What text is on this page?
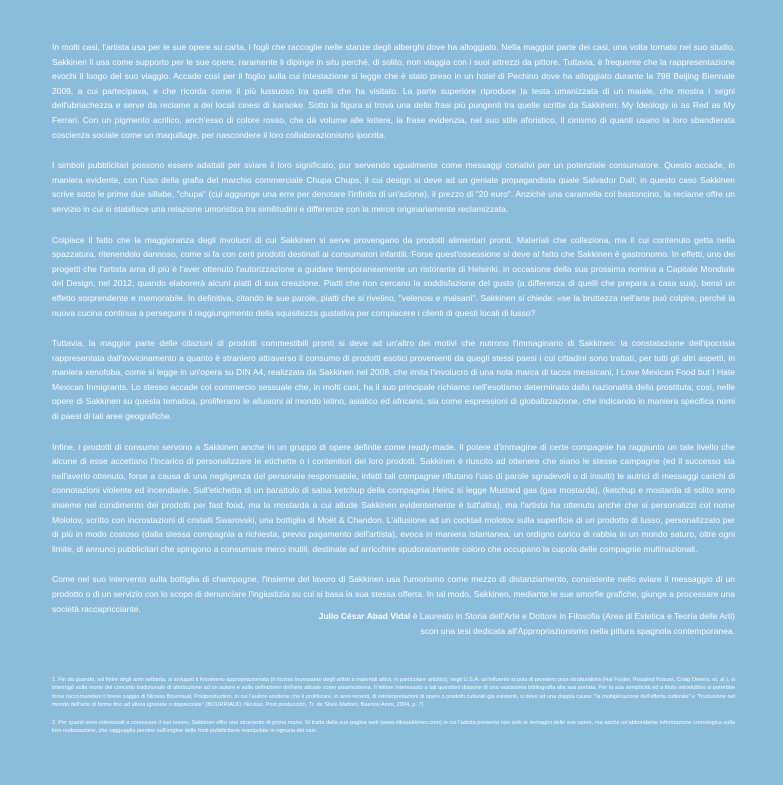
In molti casi, l'artista usa per le sue opere su carta, i fogli che raccoglie nelle stanze degli alberghi dove ha alloggiato. Nella maggior parte dei casi, una volta tornato nel suo studio, Sakkinen li usa come supporto per le sue opere, raramente li dipinge in situ perché, di solito, non viaggia con i suoi attrezzi da pittore. Tuttavia, è frequente che la rappresentazione evochi il luogo del suo viaggio. Accade così per il foglio sulla cui intestazione si legge che è stato preso in un hotel di Pechino dove ha alloggiato durante la 798 Beijing Biennale 2009, a cui partecipava, e che ricorda come il più lussuoso tra quelli che ha visitato. La parte superiore riproduce la testa umanizzata di un maiale, che mostra i segni dell'ubriachezza e serve da reclame a dei locali cinesi di karaoke. Sotto la figura si trova una delle frasi più pungenti tra quelle scritte da Sakkinen: My Ideology is as Red as My Ferrari. Con un pigmento acrilico, anch'esso di colore rosso, che dà volume alle lettere, la frase evidenzia, nel suo stile aforistico, il cinismo di quanti usano la loro sbandierata coscienza sociale come un maquillage, per nascondere il loro collaborazionismo ipocrita.

I simboli pubblicitari possono essere adattati per sviare il loro significato, pur servendo ugualmente come messaggi conativi per un potenziale consumatore. Questo accade, in maniera evidente, con l'uso della grafia del marchio commerciale Chupa Chups, il cui design si deve ad un geniale propagandista quale Salvador Dalí; in questo caso Sakkinen scrive sotto le prime due sillabe, "chupa" (cui aggiunge una erre per denotare l'infinito di un'azione), il prezzo di "20 euro". Anziché una caramella col bastoncino, la reclame offre un servizio in cui si stabilisce una relazione umoristica tra similitudini e differenze con la merce originariamente reclamizzata.

Colpisce il fatto che la maggioranza degli involucri di cui Sakkinen si serve provengano da prodotti alimentari pronti. Materiali che colleziona, ma il cui contenuto getta nella spazzatura, ritenendolo dannoso, come si fa con certi prodotti destinati ai consumatori infantili. Forse quest'ossessione si deve al fatto che Sakkinen è gastronomo. In effetti, uno dei progetti che l'artista ama di più è l'aver ottenuto l'autorizzazione a guidare temporaneamente un ristorante di Helsinki, in occasione della sua prossima nomina a Capitale Mondiale del Design, nel 2012, quando elaborerà alcuni piatti di sua creazione. Piatti che non cercano la soddisfazione del gusto (a differenza di quelli che prepara a casa sua), bensì un effetto sorprendente e memorabile. In definitiva, citando le sue parole, piatti che si rivelino, "velenosi e malsani". Sakkinen si chiede: «se la bruttezza nell'arte può colpire, perché la nuova cucina continua a perseguire il raggiungimento della squisitezza gustativa per compiacere i clienti di questi locali di lusso?

Tuttavia, la maggior parte delle citazioni di prodotti commestibili pronti si deve ad un'altro dei motivi che nutrono l'immaginario di Sakkinen: la constatazione dell'ipocrisia rappresentata dall'avvicinamento a quanto è straniero attraverso il consumo di prodotti esotici provenienti da quegli stessi paesi i cui cittadini sono trattati, per tutti gli altri aspetti, in maniera xenofoba, come si legge in un'opera su DIN A4, realizzata da Sakkinen nel 2008, che imita l'involucro di una nota marca di tacos messicani, I Love Mexican Food but I Hate Mexican Inmigrants. Lo stesso accade col commercio sessuale che, in molti casi, ha il suo principale richiamo nell'esotismo determinato dalla nazionalità della prostituta; così, nelle opere di Sakkinen su questa tematica, proliferano le allusioni al mondo latino, asiatico ed africano, sia come espressioni di globalizzazione, che indicando in maniera specifica nomi di paesi di tali aree geografiche.

Infine, i prodotti di consumo servono a Sakkinen anche in un gruppo di opere definite come ready-made. Il potere d'immagine di certe compagnie ha raggiunto un tale livello che alcune di esse accettano l'incarico di personalizzare le etichette o i contenitori del loro prodotti. Sakkinen è riuscito ad ottenere che siano le stesse campagne (ed il successo sta nell'averlo ottenuto, forse a causa di una negligenza del personale responsabile, infatti tali compagnie rifiutano l'uso di parole sgradevoli o di insulti) le autrici di messaggi carichi di connotazioni violente ed incendiarie. Sull'etichetta di un barattolo di salsa ketchup della compagnia Heinz si legge Mustard gas (gas mostarda), (ketchup e mostarda di solito sono insieme nel condimento dei prodotti per fast food, ma la mostarda a cui allude Sakkinen evidentemente è tutt'altra), ma l'artista ha ottenuto anche che si personalizzi col nome Molotov, scritto con incrostazioni di cristalli Swarovski, una bottiglia di Moët & Chandon. L'allusione ad un cocktail molotov sulla superficie di un prodotto di lusso, personalizzato per di più in modo costoso (dalla stessa compagnia a richiesta, previo pagamento dell'artista), evoca in maniera istantanea, un ordigno carico di rabbia in un mondo saturo, oltre ogni limite, di annunci pubblicitari che spingono a consumare merci inutili, destinate ad arricchire spudoratamente coloro che occupano la cupola delle compagnie multinazionali.

Come nel suo intervento sulla bottiglia di champagne, l'insieme del lavoro di Sakkinen usa l'umorismo come mezzo di distanziamento, consistente nello sviare il messaggio di un prodotto o di un servizio con lo scopo di denunciare l'ingiustizia su cui si basa la sua stessa offerta. In tal modo, Sakkinen, mediante le sue smorfie grafiche, giunge a processare una società raccapricciante.

Julio César Abad Vidal è Laureato in Storia dell'Arte e Dottore in Filosofia (Area di Estetica e Teoria delle Arti)
scon una tesi dedicata all'Appropriazionismo nella pittura spagnola contemporanea.

1. Fin da quando, sul finire degli anni settanta, si sviluppò il fenomeno appropriazionista (il ricorso incessante degli artisti a materiali altrui, in particolare artistici), negli U.S.A. un'influente scuola di pensiero post-strutturalista (Hal Foster, Rosalind Krauss, Craig Owens, et. al.), si interrogò sulla morte del concetto tradizionale di attribuzione ad un autore e sulla definizione dell'arte attuale come postmoderna. Il lettore interessato a tali questioni dispone di una vastissima bibliografia alla sua portata. Per la sua semplicità ed a titolo introduttivo si potrebbe forse raccomandare il breve saggio di Nicolas Bourriaud, Postproduction, in cui l'autore sostiene che il proliferare, in anni recenti, di reinterpretazioni di opere o prodotti culturali già esistenti, si deve ad una doppia causa: "la moltiplicazione dell'offerta culturale" e "l'inclusione nel mondo dell'arte di forme fino ad allora ignorate o disprezzate" (BOURRIAUD, Nicolas. Post producción, Tr. de Silvio Mattoni, Buenos Aires, 2004, p. 7).

2. Per quanti sono interessati a conoscere il suo lavoro, Sakkinen offre uno strumento di prima mano. Si tratta della sua pagina web (www.riikosakkinen.com) in cui l'artista presenta non solo le immagini delle sue opere, ma anche un'abbondante informazione cronologica sulla loro realizzazione, che ragguaglia persino sull'origine delle fonti pubblicitarie manipolate in ognuna dei casi.
